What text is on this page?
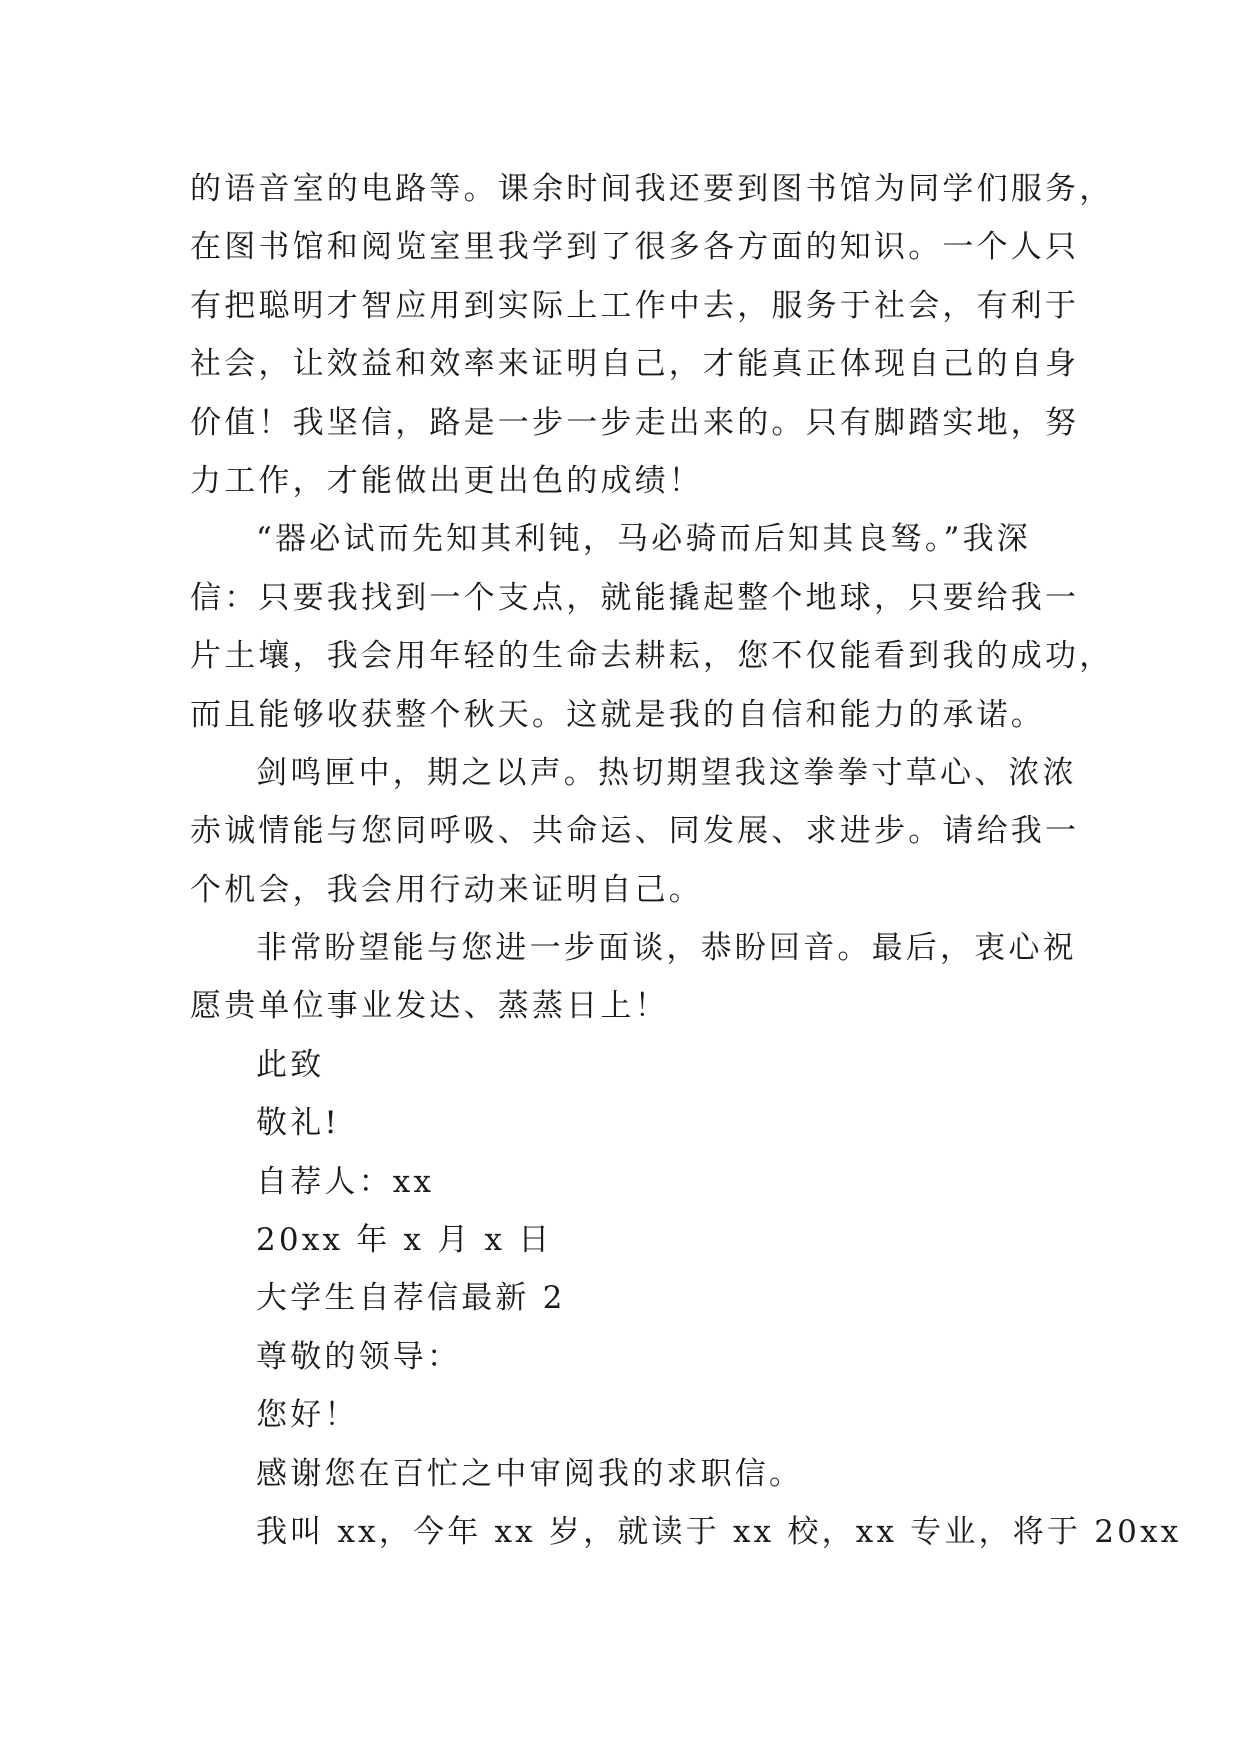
的语音室的电路等。课余时间我还要到图书馆为同学们服务，
在图书馆和阅览室里我学到了很多各方面的知识。一个人只
有把聪明才智应用到实际上工作中去，服务于社会，有利于
社会，让效益和效率来证明自己，才能真正体现自己的自身
价值！我坚信，路是一步一步走出来的。只有脚踏实地，努
力工作，才能做出更出色的成绩！
“器必试而先知其利钝，马必骑而后知其良驽。”我深
信：只要我找到一个支点，就能撬起整个地球，只要给我一
片土壤，我会用年轻的生命去耕耘，您不仅能看到我的成功，
而且能够收获整个秋天。这就是我的自信和能力的承诺。
剑鸣匣中，期之以声。热切期望我这拳拳寸草心、浓浓
赤诚情能与您同呼吸、共命运、同发展、求进步。请给我一
个机会，我会用行动来证明自己。
非常盼望能与您进一步面谈，恭盼回音。最后，衷心祝
愿贵单位事业发达、蒸蒸日上！
此致
敬礼!
自荐人：xx
20xx 年 x 月 x 日
大学生自荐信最新 2
尊敬的领导：
您好！
感谢您在百忙之中审阅我的求职信。
我叫 xx，今年 xx 岁，就读于 xx 校，xx 专业，将于 20xx
